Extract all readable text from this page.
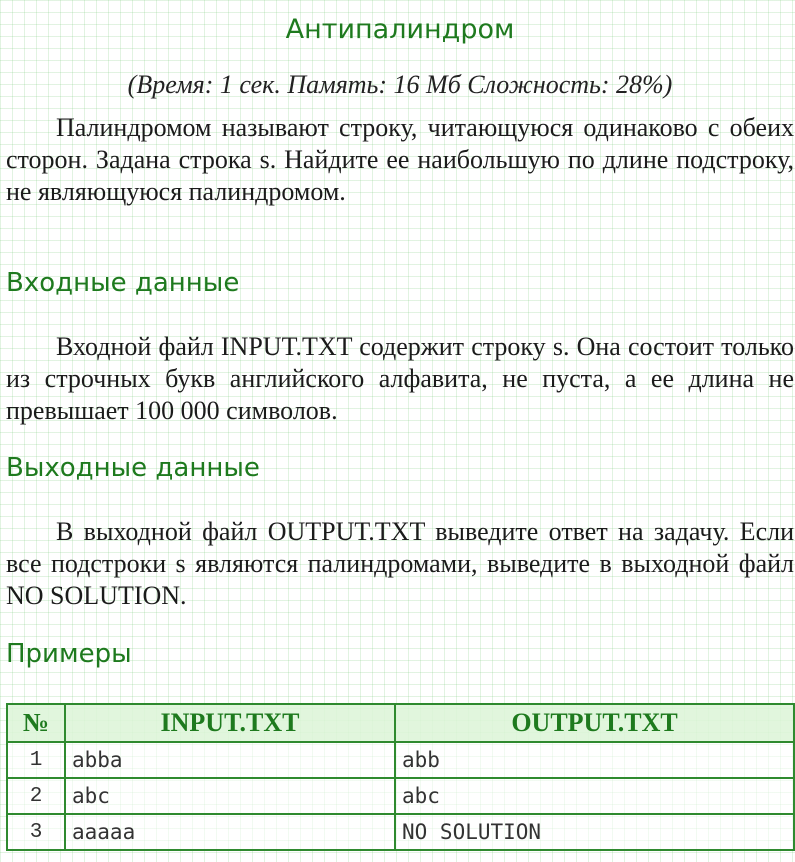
Антипалиндром
(Время: 1 сек. Память: 16 Мб Сложность: 28%)
Палиндромом называют строку, читающуюся одинаково с обеих сторон. Задана строка s. Найдите ее наибольшую по длине подстроку, не являющуюся палиндромом.
Входные данные
Входной файл INPUT.TXT содержит строку s. Она состоит только из строчных букв английского алфавита, не пуста, а ее длина не превышает 100 000 символов.
Выходные данные
В выходной файл OUTPUT.TXT выведите ответ на задачу. Если все подстроки s являются палиндромами, выведите в выходной файл NO SOLUTION.
Примеры
№	INPUT.TXT	OUTPUT.TXT
1	abba	abb
2	abc	abc
3	aaaaa	NO SOLUTION
